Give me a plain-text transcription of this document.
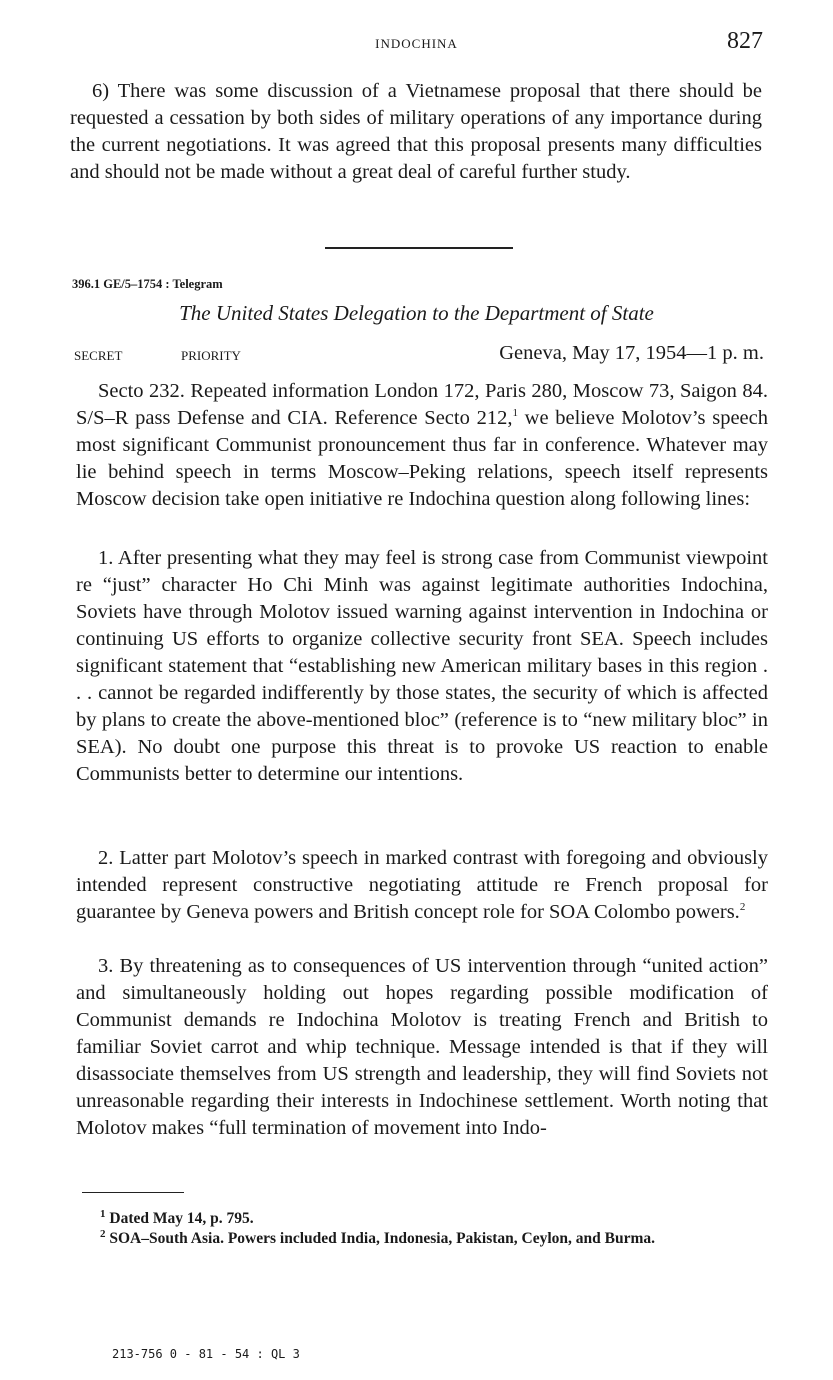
INDOCHINA	827

6) There was some discussion of a Vietnamese proposal that there should be requested a cessation by both sides of military operations of any importance during the current negotiations. It was agreed that this proposal presents many difficulties and should not be made without a great deal of careful further study.

396.1 GE/5–1754 : Telegram
The United States Delegation to the Department of State
SECRET	PRIORITY	Geneva, May 17, 1954—1 p. m.

Secto 232. Repeated information London 172, Paris 280, Moscow 73, Saigon 84. S/S–R pass Defense and CIA. Reference Secto 212,$^1$ we believe Molotov’s speech most significant Communist pronouncement thus far in conference. Whatever may lie behind speech in terms Moscow–Peking relations, speech itself represents Moscow decision take open initiative re Indochina question along following lines:

1. After presenting what they may feel is strong case from Communist viewpoint re “just” character Ho Chi Minh was against legitimate authorities Indochina, Soviets have through Molotov issued warning against intervention in Indochina or continuing US efforts to organize collective security front SEA. Speech includes significant statement that “establishing new American military bases in this region . . . cannot be regarded indifferently by those states, the security of which is affected by plans to create the above-mentioned bloc” (reference is to “new military bloc” in SEA). No doubt one purpose this threat is to provoke US reaction to enable Communists better to determine our intentions.

2. Latter part Molotov’s speech in marked contrast with foregoing and obviously intended represent constructive negotiating attitude re French proposal for guarantee by Geneva powers and British concept role for SOA Colombo powers.$^2$

3. By threatening as to consequences of US intervention through “united action” and simultaneously holding out hopes regarding possible modification of Communist demands re Indochina Molotov is treating French and British to familiar Soviet carrot and whip technique. Message intended is that if they will disassociate themselves from US strength and leadership, they will find Soviets not unreasonable regarding their interests in Indochinese settlement. Worth noting that Molotov makes “full termination of movement into Indo-

$^1$ Dated May 14, p. 795.

$^2$ SOA–South Asia. Powers included India, Indonesia, Pakistan, Ceylon, and Burma.

213-756 0 - 81 - 54 : QL 3
